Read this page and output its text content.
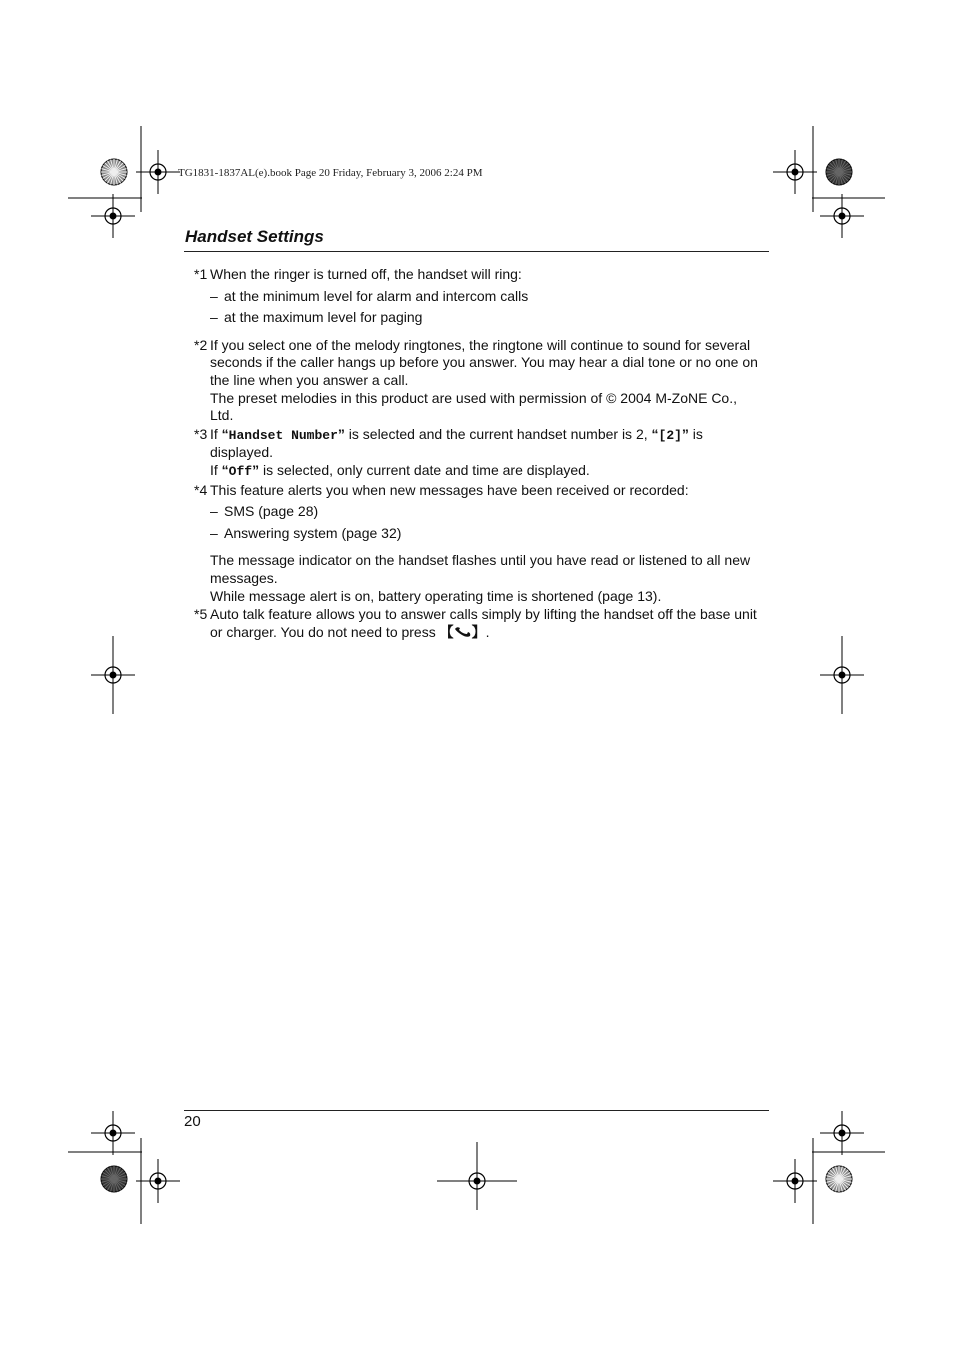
TG1831-1837AL(e).book Page 20 Friday, February 3, 2006 2:24 PM
Handset Settings
*1 When the ringer is turned off, the handset will ring:
– at the minimum level for alarm and intercom calls
– at the maximum level for paging
*2 If you select one of the melody ringtones, the ringtone will continue to sound for several seconds if the caller hangs up before you answer. You may hear a dial tone or no one on the line when you answer a call.
The preset melodies in this product are used with permission of © 2004 M-ZoNE Co., Ltd.
*3 If “Handset Number” is selected and the current handset number is 2, “[2]” is displayed.
If “Off” is selected, only current date and time are displayed.
*4 This feature alerts you when new messages have been received or recorded:
– SMS (page 28)
– Answering system (page 32)
The message indicator on the handset flashes until you have read or listened to all new messages.
While message alert is on, battery operating time is shortened (page 13).
*5 Auto talk feature allows you to answer calls simply by lifting the handset off the base unit or charger. You do not need to press 【 】.
20
